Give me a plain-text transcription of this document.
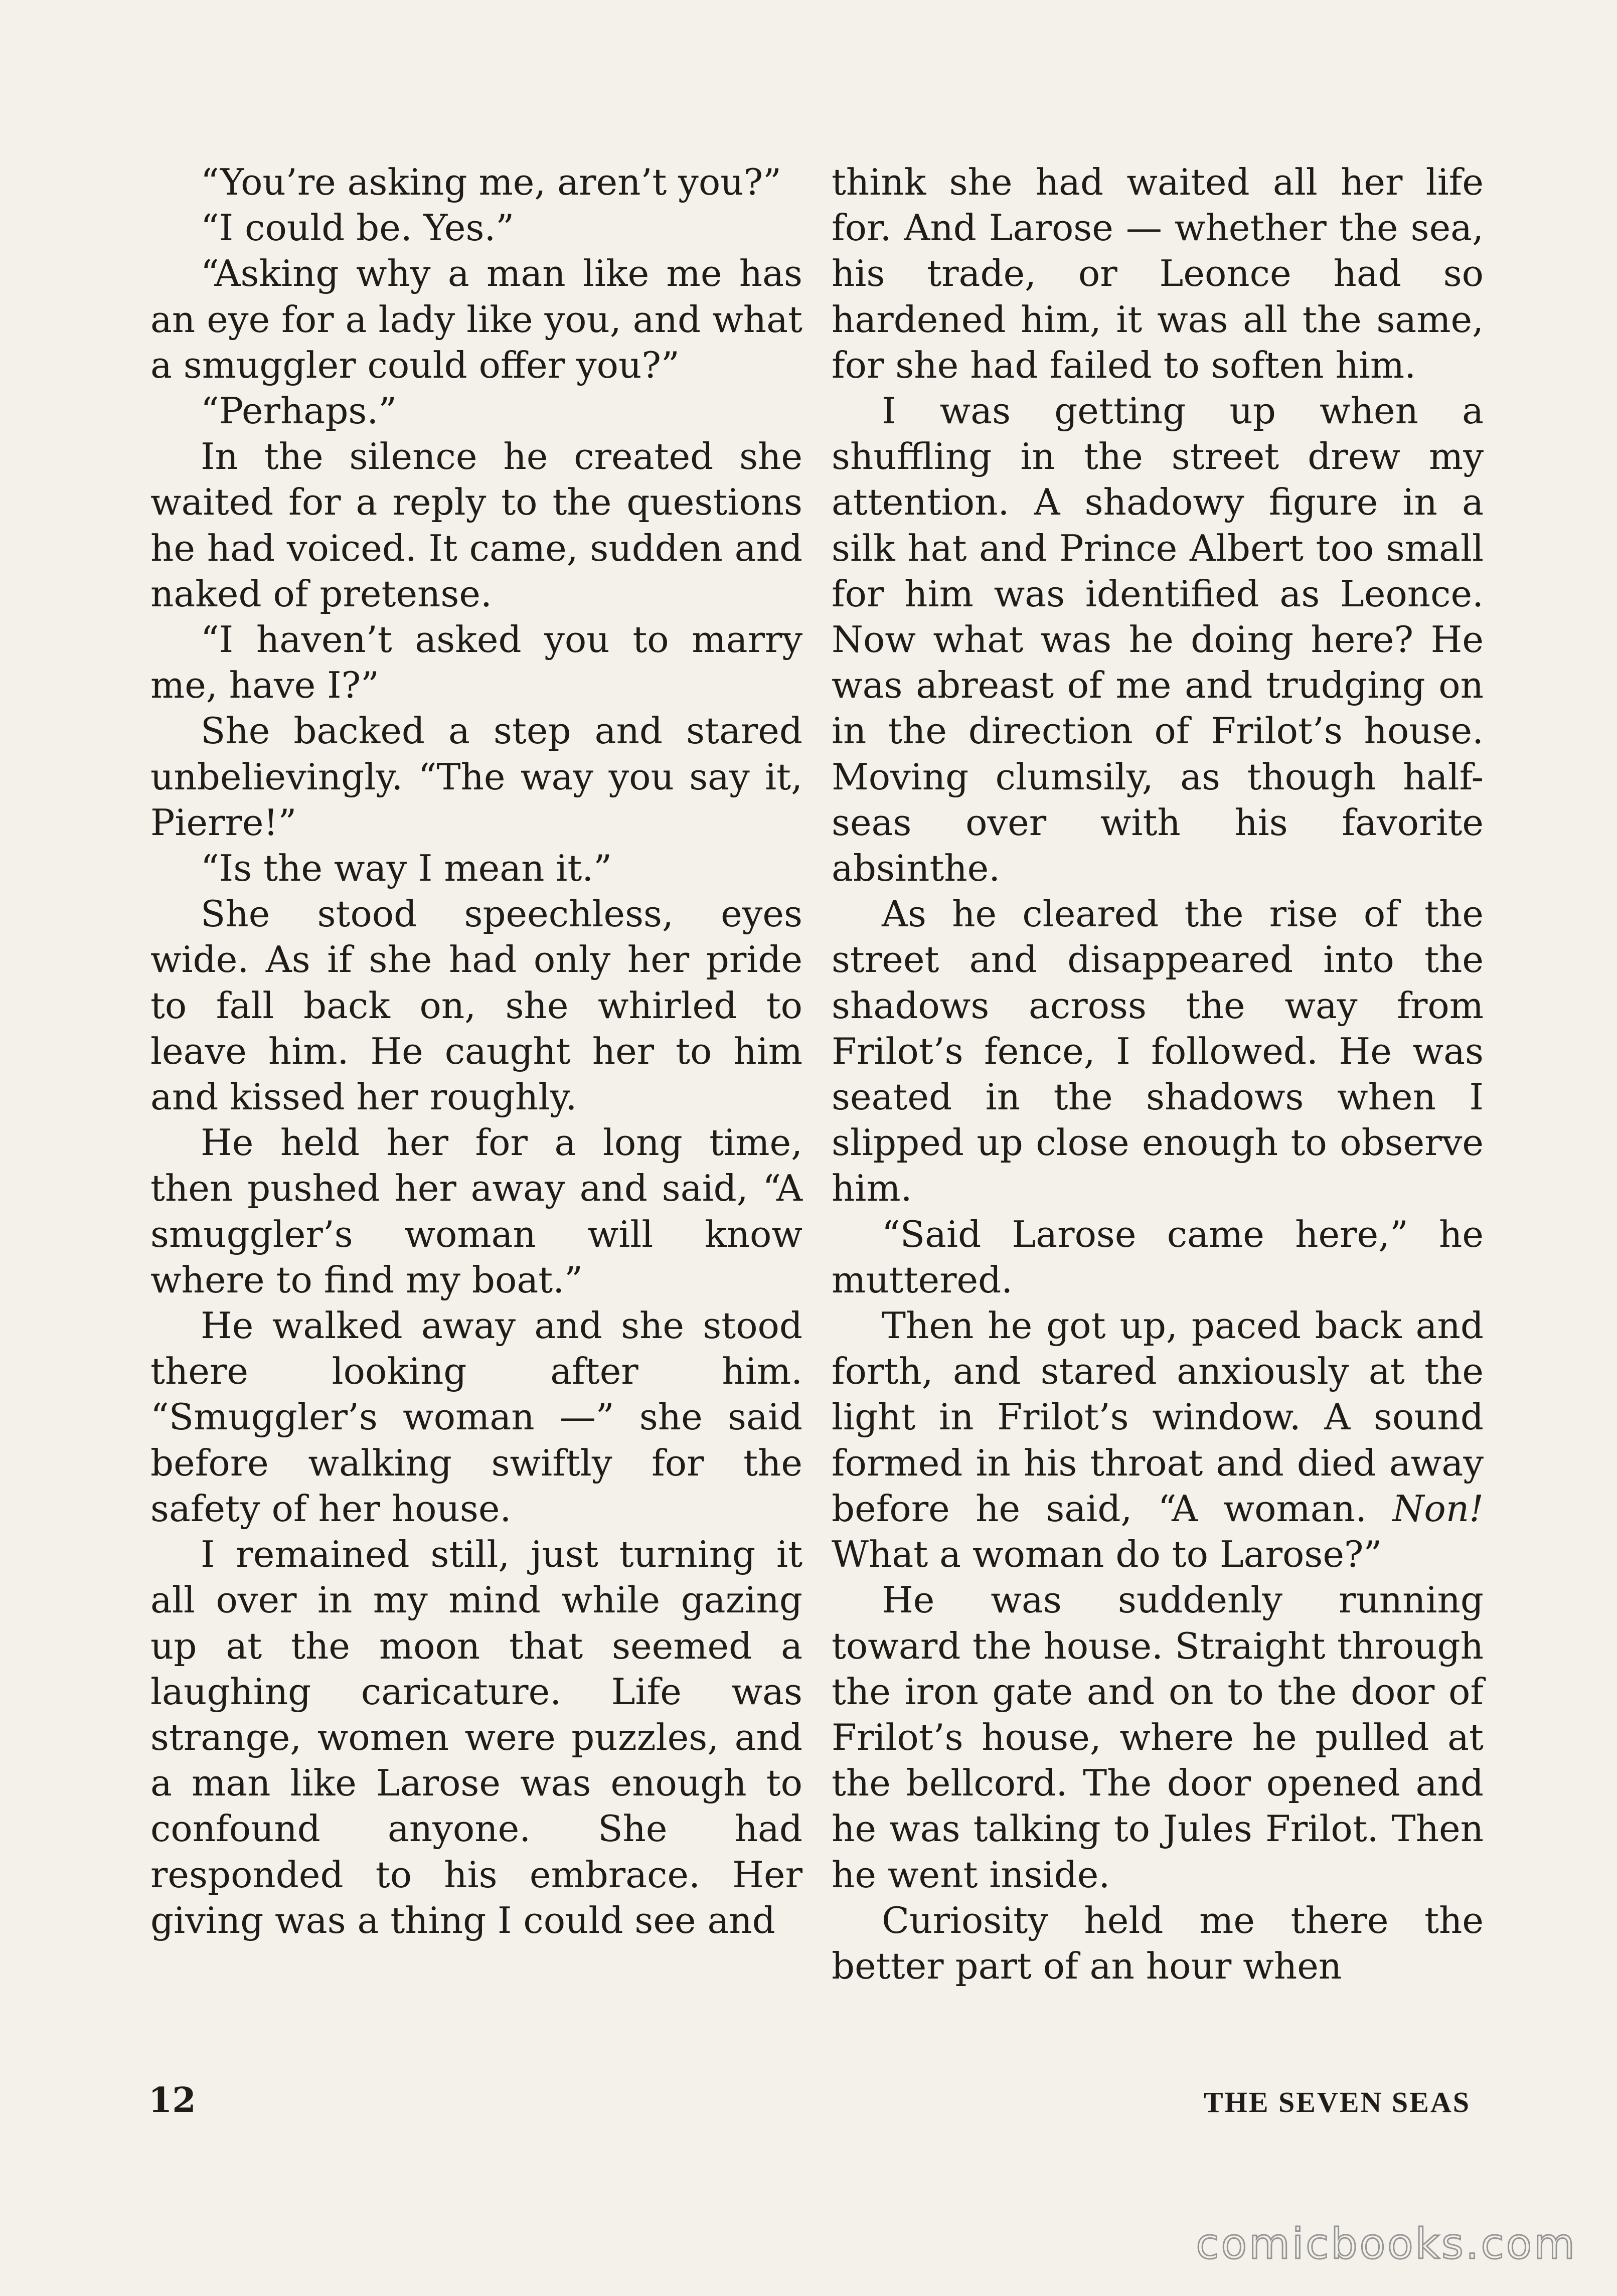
“You’re asking me, aren’t you?”

“I could be. Yes.”

“Asking why a man like me has an eye for a lady like you, and what a smuggler could offer you?”

“Perhaps.”

In the silence he created she waited for a reply to the questions he had voiced. It came, sudden and naked of pretense.

“I haven’t asked you to marry me, have I?”

She backed a step and stared unbelievingly. “The way you say it, Pierre!”

“Is the way I mean it.”

She stood speechless, eyes wide. As if she had only her pride to fall back on, she whirled to leave him. He caught her to him and kissed her roughly.

He held her for a long time, then pushed her away and said, “A smuggler’s woman will know where to find my boat.”

He walked away and she stood there looking after him. “Smuggler’s woman —” she said before walking swiftly for the safety of her house.

I remained still, just turning it all over in my mind while gazing up at the moon that seemed a laughing caricature. Life was strange, women were puzzles, and a man like Larose was enough to confound anyone. She had responded to his embrace. Her giving was a thing I could see and

think she had waited all her life for. And Larose — whether the sea, his trade, or Leonce had so hardened him, it was all the same, for she had failed to soften him.

I was getting up when a shuffling in the street drew my attention. A shadowy figure in a silk hat and Prince Albert too small for him was identified as Leonce. Now what was he doing here? He was abreast of me and trudging on in the direction of Frilot’s house. Moving clumsily, as though half-seas over with his favorite absinthe.

As he cleared the rise of the street and disappeared into the shadows across the way from Frilot’s fence, I followed. He was seated in the shadows when I slipped up close enough to observe him.

“Said Larose came here,” he muttered.

Then he got up, paced back and forth, and stared anxiously at the light in Frilot’s window. A sound formed in his throat and died away before he said, “A woman. Non! What a woman do to Larose?”

He was suddenly running toward the house. Straight through the iron gate and on to the door of Frilot’s house, where he pulled at the bellcord. The door opened and he was talking to Jules Frilot. Then he went inside.

Curiosity held me there the better part of an hour when

12	THE SEVEN SEAS
comicbooks.com
